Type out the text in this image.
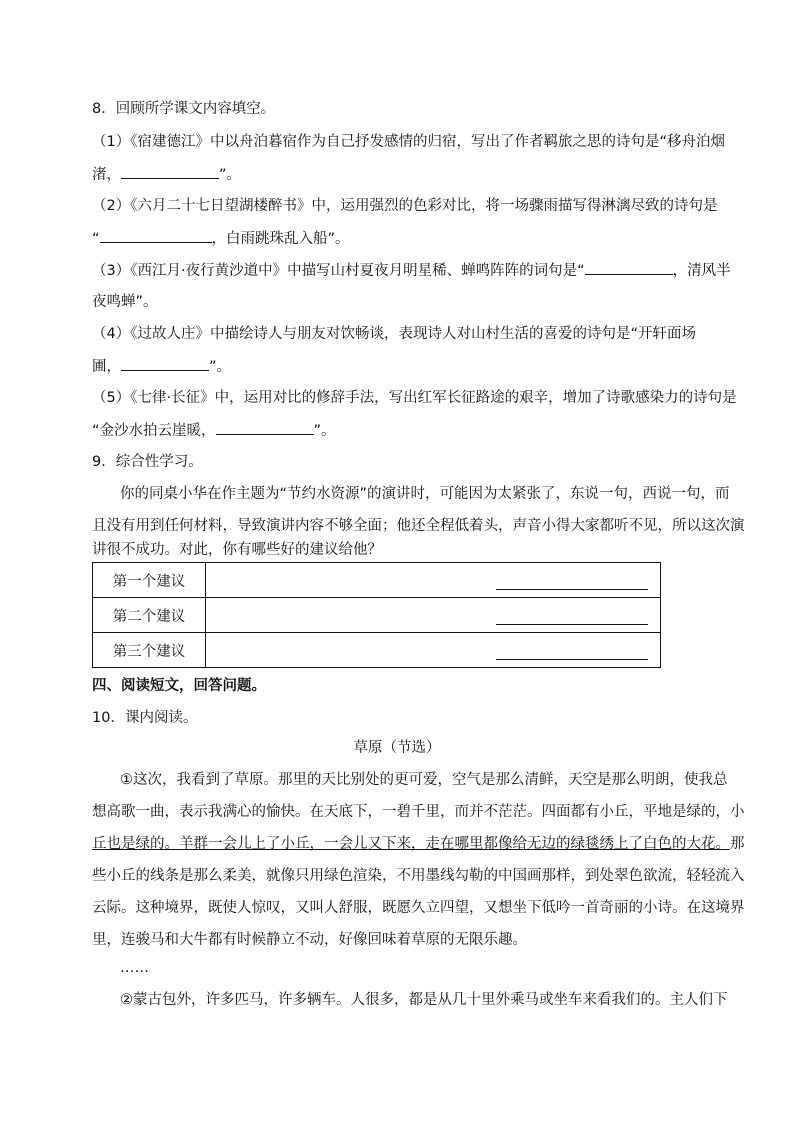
8．回顾所学课文内容填空。
（1）《宿建德江》中以舟泊暮宿作为自己抒发感情的归宿，写出了作者羁旅之思的诗句是“移舟泊烟
渚，	”。
（2）《六月二十七日望湖楼醉书》中，运用强烈的色彩对比，将一场骤雨描写得淋漓尽致的诗句是
“	，白雨跳珠乱入船”。
（3）《西江月·夜行黄沙道中》中描写山村夏夜月明星稀、蝉鸣阵阵的词句是“	，清风半
夜鸣蝉”。
（4）《过故人庄》中描绘诗人与朋友对饮畅谈，表现诗人对山村生活的喜爱的诗句是“开轩面场
圃，	”。
（5）《七律·长征》中，运用对比的修辞手法，写出红军长征路途的艰辛，增加了诗歌感染力的诗句是
“金沙水拍云崖暖，	”。
9．综合性学习。
你的同桌小华在作主题为“节约水资源”的演讲时，可能因为太紧张了，东说一句，西说一句，而
且没有用到任何材料，导致演讲内容不够全面；他还全程低着头，声音小得大家都听不见，所以这次演
讲很不成功。对此，你有哪些好的建议给他？
第一个建议	

第二个建议	

第三个建议	
四、阅读短文，回答问题。
10．课内阅读。
草原（节选）
①这次，我看到了草原。那里的天比别处的更可爱，空气是那么清鲜，天空是那么明朗，使我总
想高歌一曲，表示我满心的愉快。在天底下，一碧千里，而并不茫茫。四面都有小丘，平地是绿的，小
丘也是绿的。羊群一会儿上了小丘，一会儿又下来，走在哪里都像给无边的绿毯绣上了白色的大花。那
些小丘的线条是那么柔美，就像只用绿色渲染，不用墨线勾勒的中国画那样，到处翠色欲流，轻轻流入
云际。这种境界，既使人惊叹，又叫人舒服，既愿久立四望，又想坐下低吟一首奇丽的小诗。在这境界
里，连骏马和大牛都有时候静立不动，好像回味着草原的无限乐趣。
……
②蒙古包外，许多匹马，许多辆车。人很多，都是从几十里外乘马或坐车来看我们的。主人们下
